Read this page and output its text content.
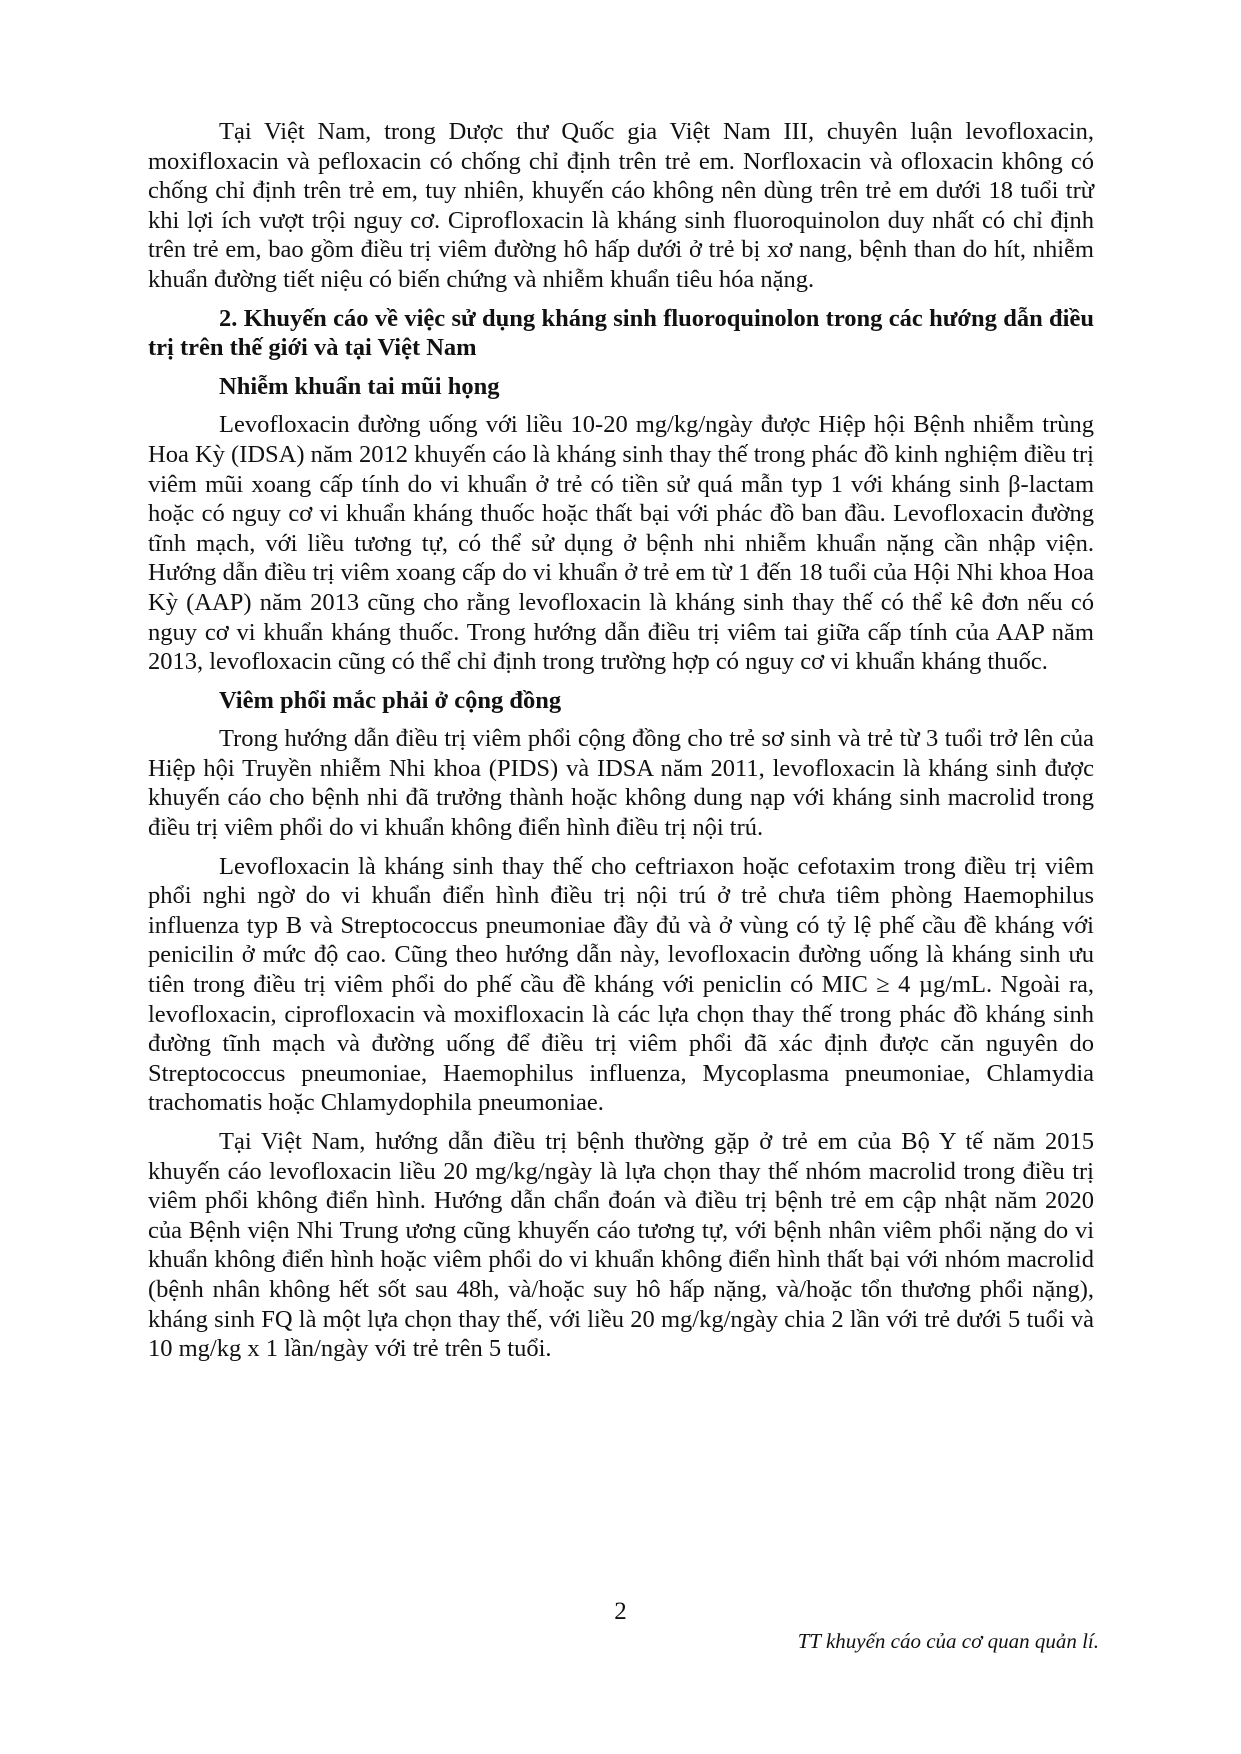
Tại Việt Nam, trong Dược thư Quốc gia Việt Nam III, chuyên luận levofloxacin, moxifloxacin và pefloxacin có chống chỉ định trên trẻ em. Norfloxacin và ofloxacin không có chống chỉ định trên trẻ em, tuy nhiên, khuyến cáo không nên dùng trên trẻ em dưới 18 tuổi trừ khi lợi ích vượt trội nguy cơ. Ciprofloxacin là kháng sinh fluoroquinolon duy nhất có chỉ định trên trẻ em, bao gồm điều trị viêm đường hô hấp dưới ở trẻ bị xơ nang, bệnh than do hít, nhiễm khuẩn đường tiết niệu có biến chứng và nhiễm khuẩn tiêu hóa nặng.

2. Khuyến cáo về việc sử dụng kháng sinh fluoroquinolon trong các hướng dẫn điều trị trên thế giới và tại Việt Nam

Nhiễm khuẩn tai mũi họng

Levofloxacin đường uống với liều 10-20 mg/kg/ngày được Hiệp hội Bệnh nhiễm trùng Hoa Kỳ (IDSA) năm 2012 khuyến cáo là kháng sinh thay thế trong phác đồ kinh nghiệm điều trị viêm mũi xoang cấp tính do vi khuẩn ở trẻ có tiền sử quá mẫn typ 1 với kháng sinh β-lactam hoặc có nguy cơ vi khuẩn kháng thuốc hoặc thất bại với phác đồ ban đầu. Levofloxacin đường tĩnh mạch, với liều tương tự, có thể sử dụng ở bệnh nhi nhiễm khuẩn nặng cần nhập viện. Hướng dẫn điều trị viêm xoang cấp do vi khuẩn ở trẻ em từ 1 đến 18 tuổi của Hội Nhi khoa Hoa Kỳ (AAP) năm 2013 cũng cho rằng levofloxacin là kháng sinh thay thế có thể kê đơn nếu có nguy cơ vi khuẩn kháng thuốc. Trong hướng dẫn điều trị viêm tai giữa cấp tính của AAP năm 2013, levofloxacin cũng có thể chỉ định trong trường hợp có nguy cơ vi khuẩn kháng thuốc.

Viêm phổi mắc phải ở cộng đồng

Trong hướng dẫn điều trị viêm phổi cộng đồng cho trẻ sơ sinh và trẻ từ 3 tuổi trở lên của Hiệp hội Truyền nhiễm Nhi khoa (PIDS) và IDSA năm 2011, levofloxacin là kháng sinh được khuyến cáo cho bệnh nhi đã trưởng thành hoặc không dung nạp với kháng sinh macrolid trong điều trị viêm phổi do vi khuẩn không điển hình điều trị nội trú.

Levofloxacin là kháng sinh thay thế cho ceftriaxon hoặc cefotaxim trong điều trị viêm phổi nghi ngờ do vi khuẩn điển hình điều trị nội trú ở trẻ chưa tiêm phòng Haemophilus influenza typ B và Streptococcus pneumoniae đầy đủ và ở vùng có tỷ lệ phế cầu đề kháng với penicilin ở mức độ cao. Cũng theo hướng dẫn này, levofloxacin đường uống là kháng sinh ưu tiên trong điều trị viêm phổi do phế cầu đề kháng với peniclin có MIC ≥ 4 µg/mL. Ngoài ra, levofloxacin, ciprofloxacin và moxifloxacin là các lựa chọn thay thế trong phác đồ kháng sinh đường tĩnh mạch và đường uống để điều trị viêm phổi đã xác định được căn nguyên do Streptococcus pneumoniae, Haemophilus influenza, Mycoplasma pneumoniae, Chlamydia trachomatis hoặc Chlamydophila pneumoniae.

Tại Việt Nam, hướng dẫn điều trị bệnh thường gặp ở trẻ em của Bộ Y tế năm 2015 khuyến cáo levofloxacin liều 20 mg/kg/ngày là lựa chọn thay thế nhóm macrolid trong điều trị viêm phổi không điển hình. Hướng dẫn chẩn đoán và điều trị bệnh trẻ em cập nhật năm 2020 của Bệnh viện Nhi Trung ương cũng khuyến cáo tương tự, với bệnh nhân viêm phổi nặng do vi khuẩn không điển hình hoặc viêm phổi do vi khuẩn không điển hình thất bại với nhóm macrolid (bệnh nhân không hết sốt sau 48h, và/hoặc suy hô hấp nặng, và/hoặc tổn thương phổi nặng), kháng sinh FQ là một lựa chọn thay thế, với liều 20 mg/kg/ngày chia 2 lần với trẻ dưới 5 tuổi và 10 mg/kg x 1 lần/ngày với trẻ trên 5 tuổi.

2
TT khuyến cáo của cơ quan quản lí.
